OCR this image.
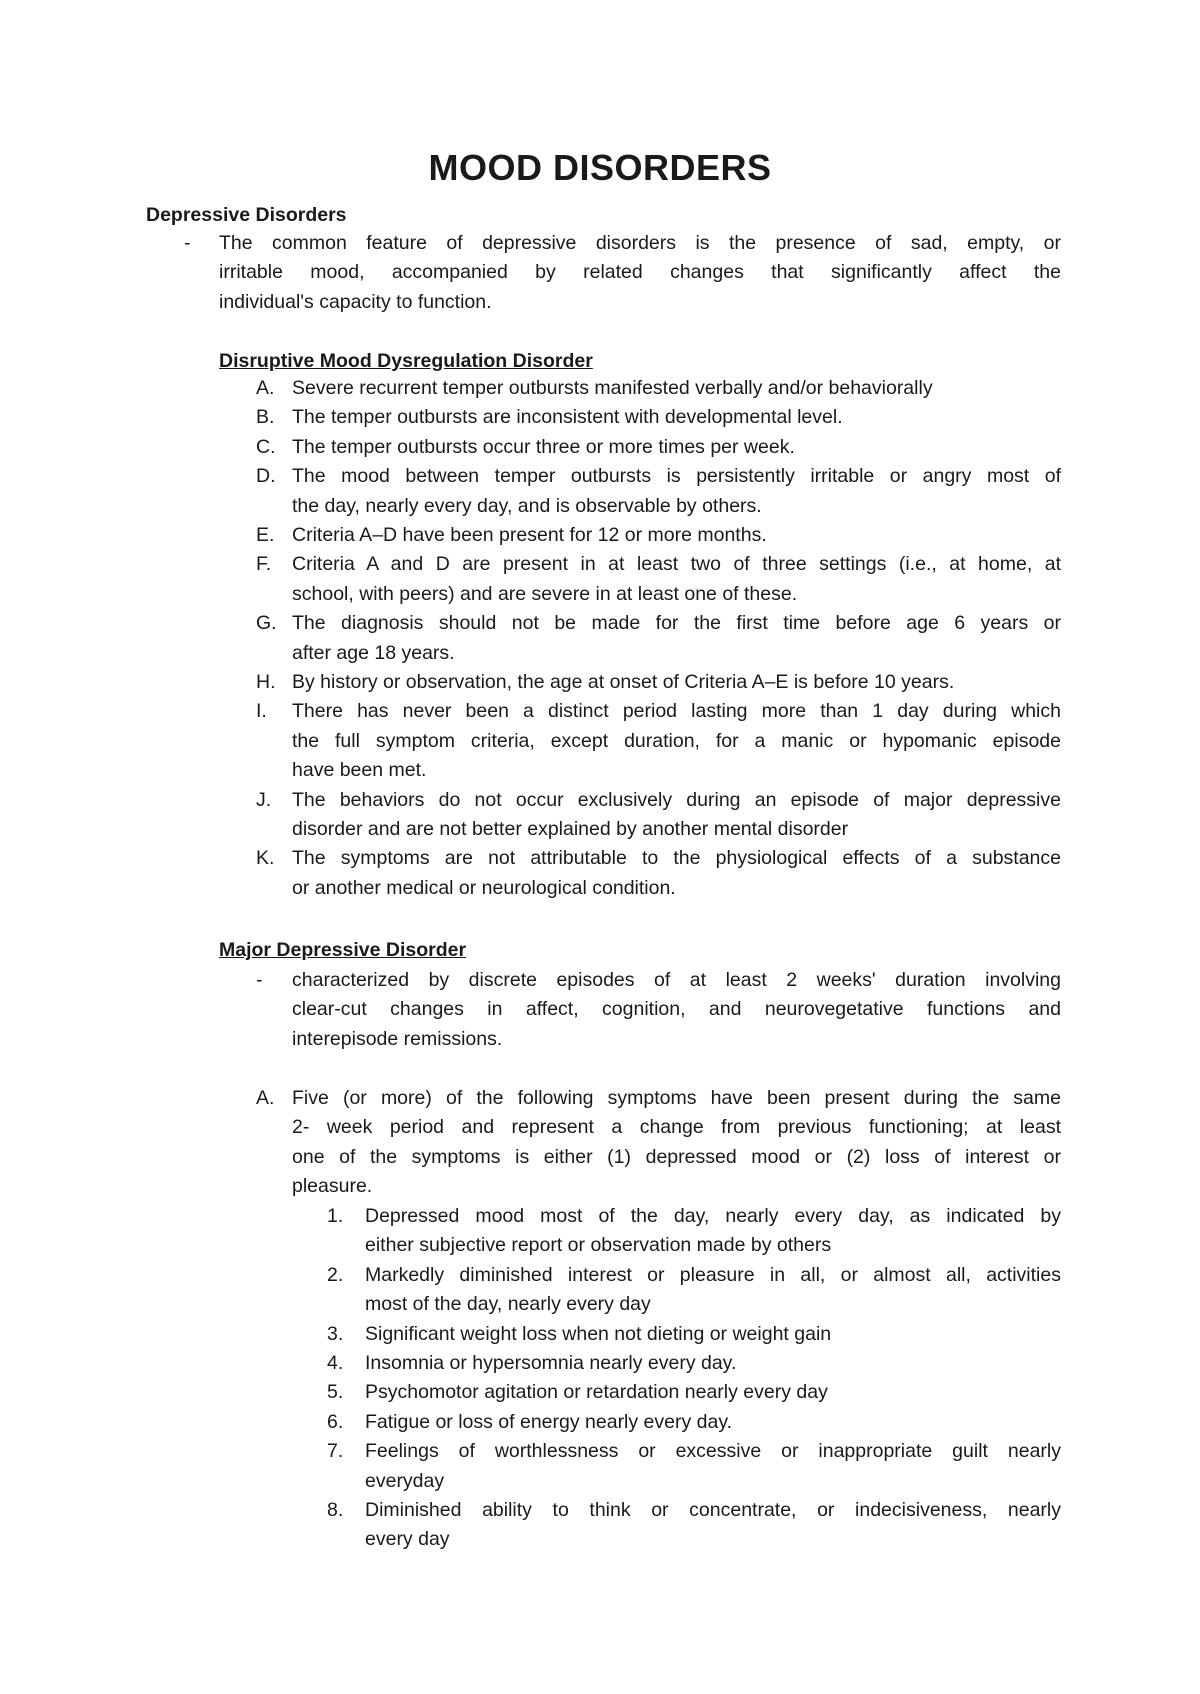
MOOD DISORDERS
Depressive Disorders
- The common feature of depressive disorders is the presence of sad, empty, or
irritable mood, accompanied by related changes that significantly affect the
individual's capacity to function.
Disruptive Mood Dysregulation Disorder
A. Severe recurrent temper outbursts manifested verbally and/or behaviorally
B. The temper outbursts are inconsistent with developmental level.
C. The temper outbursts occur three or more times per week.
D. The mood between temper outbursts is persistently irritable or angry most of
the day, nearly every day, and is observable by others.
E. Criteria A–D have been present for 12 or more months.
F. Criteria A and D are present in at least two of three settings (i.e., at home, at
school, with peers) and are severe in at least one of these.
G. The diagnosis should not be made for the first time before age 6 years or
after age 18 years.
H. By history or observation, the age at onset of Criteria A–E is before 10 years.
I. There has never been a distinct period lasting more than 1 day during which
the full symptom criteria, except duration, for a manic or hypomanic episode
have been met.
J. The behaviors do not occur exclusively during an episode of major depressive
disorder and are not better explained by another mental disorder
K. The symptoms are not attributable to the physiological effects of a substance
or another medical or neurological condition.
Major Depressive Disorder
- characterized by discrete episodes of at least 2 weeks' duration involving
clear-cut changes in affect, cognition, and neurovegetative functions and
interepisode remissions.
A. Five (or more) of the following symptoms have been present during the same
2- week period and represent a change from previous functioning; at least
one of the symptoms is either (1) depressed mood or (2) loss of interest or
pleasure.
1. Depressed mood most of the day, nearly every day, as indicated by
either subjective report or observation made by others
2. Markedly diminished interest or pleasure in all, or almost all, activities
most of the day, nearly every day
3. Significant weight loss when not dieting or weight gain
4. Insomnia or hypersomnia nearly every day.
5. Psychomotor agitation or retardation nearly every day
6. Fatigue or loss of energy nearly every day.
7. Feelings of worthlessness or excessive or inappropriate guilt nearly
everyday
8. Diminished ability to think or concentrate, or indecisiveness, nearly
every day
